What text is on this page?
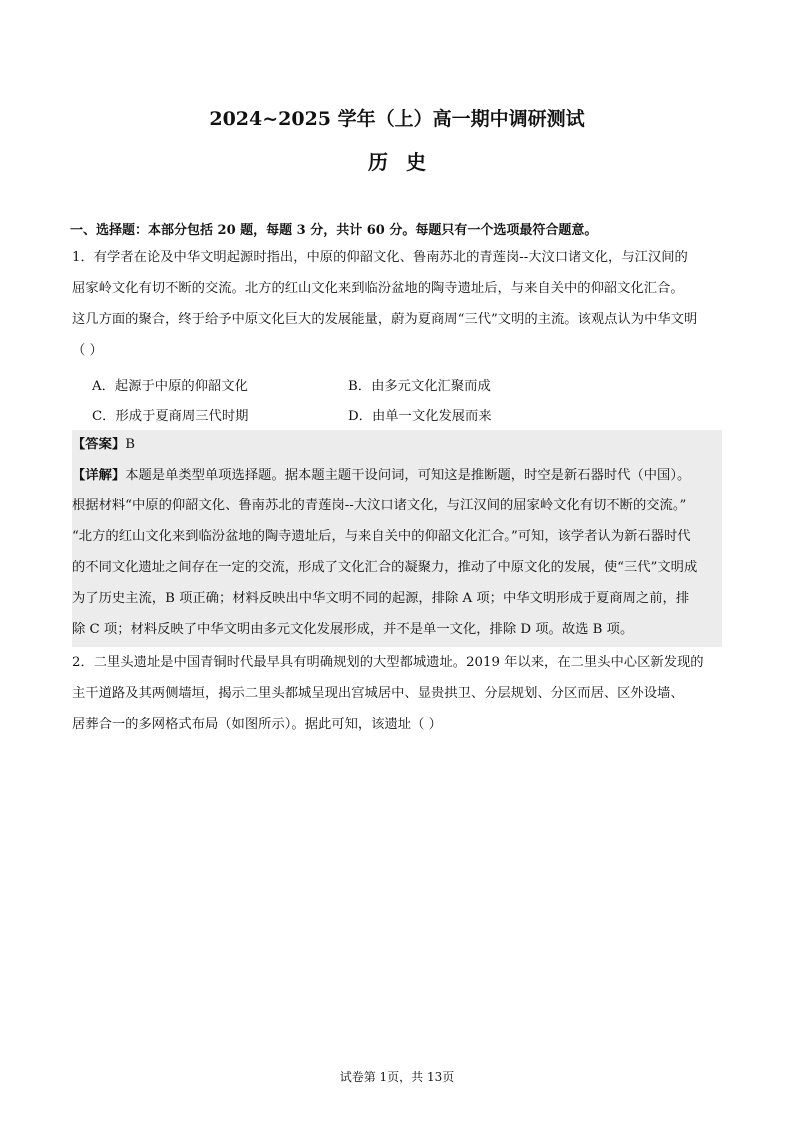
2024~2025 学年（上）高一期中调研测试
历史
一、选择题：本部分包括 20 题，每题 3 分，共计 60 分。每题只有一个选项最符合题意。
1．有学者在论及中华文明起源时指出，中原的仰韶文化、鲁南苏北的青莲岗--大汶口诸文化，与江汉间的
屈家岭文化有切不断的交流。北方的红山文化来到临汾盆地的陶寺遗址后，与来自关中的仰韶文化汇合。
这几方面的聚合，终于给予中原文化巨大的发展能量，蔚为夏商周“三代”文明的主流。该观点认为中华文明
（ ）
A．起源于中原的仰韶文化	B．由多元文化汇聚而成
C．形成于夏商周三代时期	D．由单一文化发展而来
【答案】B
【详解】本题是单类型单项选择题。据本题主题干设问词，可知这是推断题，时空是新石器时代（中国）。
根据材料“中原的仰韶文化、鲁南苏北的青莲岗--大汶口诸文化，与江汉间的屈家岭文化有切不断的交流。”
“北方的红山文化来到临汾盆地的陶寺遗址后，与来自关中的仰韶文化汇合。”可知，该学者认为新石器时代
的不同文化遗址之间存在一定的交流，形成了文化汇合的凝聚力，推动了中原文化的发展，使“三代”文明成
为了历史主流，B 项正确；材料反映出中华文明不同的起源，排除 A 项；中华文明形成于夏商周之前，排
除 C 项；材料反映了中华文明由多元文化发展形成，并不是单一文化，排除 D 项。故选 B 项。
2．二里头遗址是中国青铜时代最早具有明确规划的大型都城遗址。2019 年以来，在二里头中心区新发现的
主干道路及其两侧墙垣，揭示二里头都城呈现出宫城居中、显贵拱卫、分层规划、分区而居、区外设墙、
居葬合一的多网格式布局（如图所示）。据此可知，该遗址（ ）
试卷第 1页，共 13页
